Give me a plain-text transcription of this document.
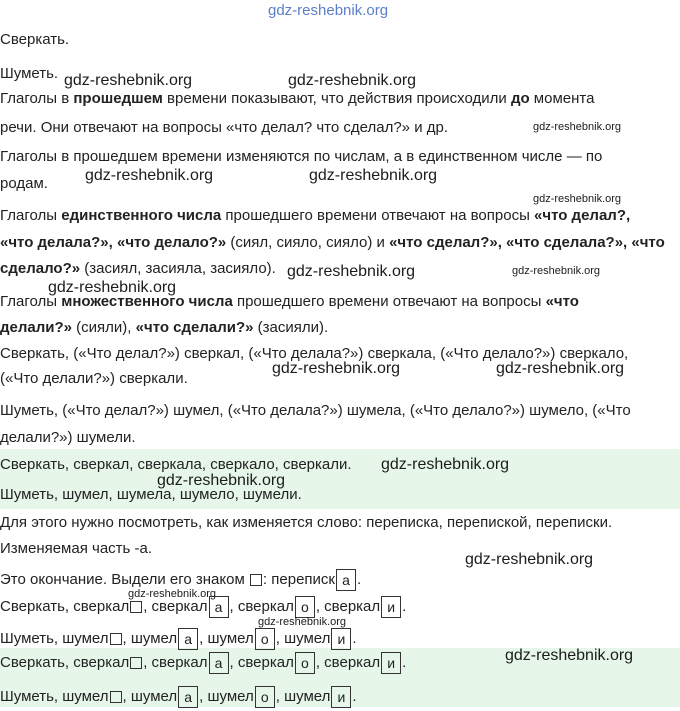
gdz-reshebnik.org
Сверкать.
Шуметь.
Глаголы в прошедшем времени показывают, что действия происходили до момента
речи. Они отвечают на вопросы «что делал? что сделал?» и др.
Глаголы в прошедшем времени изменяются по числам, а в единственном числе — по
родам.
Глаголы единственного числа прошедшего времени отвечают на вопросы «что делал?,
«что делала?», «что делало?» (сиял, сияло, сияло) и «что сделал?», «что сделала?», «что
сделало?» (засиял, засияла, засияло).
Глаголы множественного числа прошедшего времени отвечают на вопросы «что
делали?» (сияли), «что сделали?» (засияли).
Сверкать, («Что делал?») сверкал, («Что делала?») сверкала, («Что делало?») сверкало,
(«Что делали?») сверкали.
Шуметь, («Что делал?») шумел, («Что делала?») шумела, («Что делало?») шумело, («Что
делали?») шумели.
Сверкать, сверкал, сверкала, сверкало, сверкали.
Шуметь, шумел, шумела, шумело, шумели.
Для этого нужно посмотреть, как изменяется слово: переписка, перепиской, переписки.
Изменяемая часть -а.
Это окончание. Выдели его знаком : переписк а .
Сверкать, сверкал , сверкал а , сверкал о , сверкал и .
Шуметь, шумел , шумел а , шумел о , шумел и .
Сверкать, сверкал , сверкал а , сверкал о , сверкал и .
Шуметь, шумел , шумел а , шумел о , шумел и .
gdz-reshebnik.org	gdz-reshebnik.org
gdz-reshebnik.org
gdz-reshebnik.org	gdz-reshebnik.org
gdz-reshebnik.org
gdz-reshebnik.org	gdz-reshebnik.org
gdz-reshebnik.org
gdz-reshebnik.org	gdz-reshebnik.org
gdz-reshebnik.org
gdz-reshebnik.org
gdz-reshebnik.org
gdz-reshebnik.org
gdz-reshebnik.org
gdz-reshebnik.org
